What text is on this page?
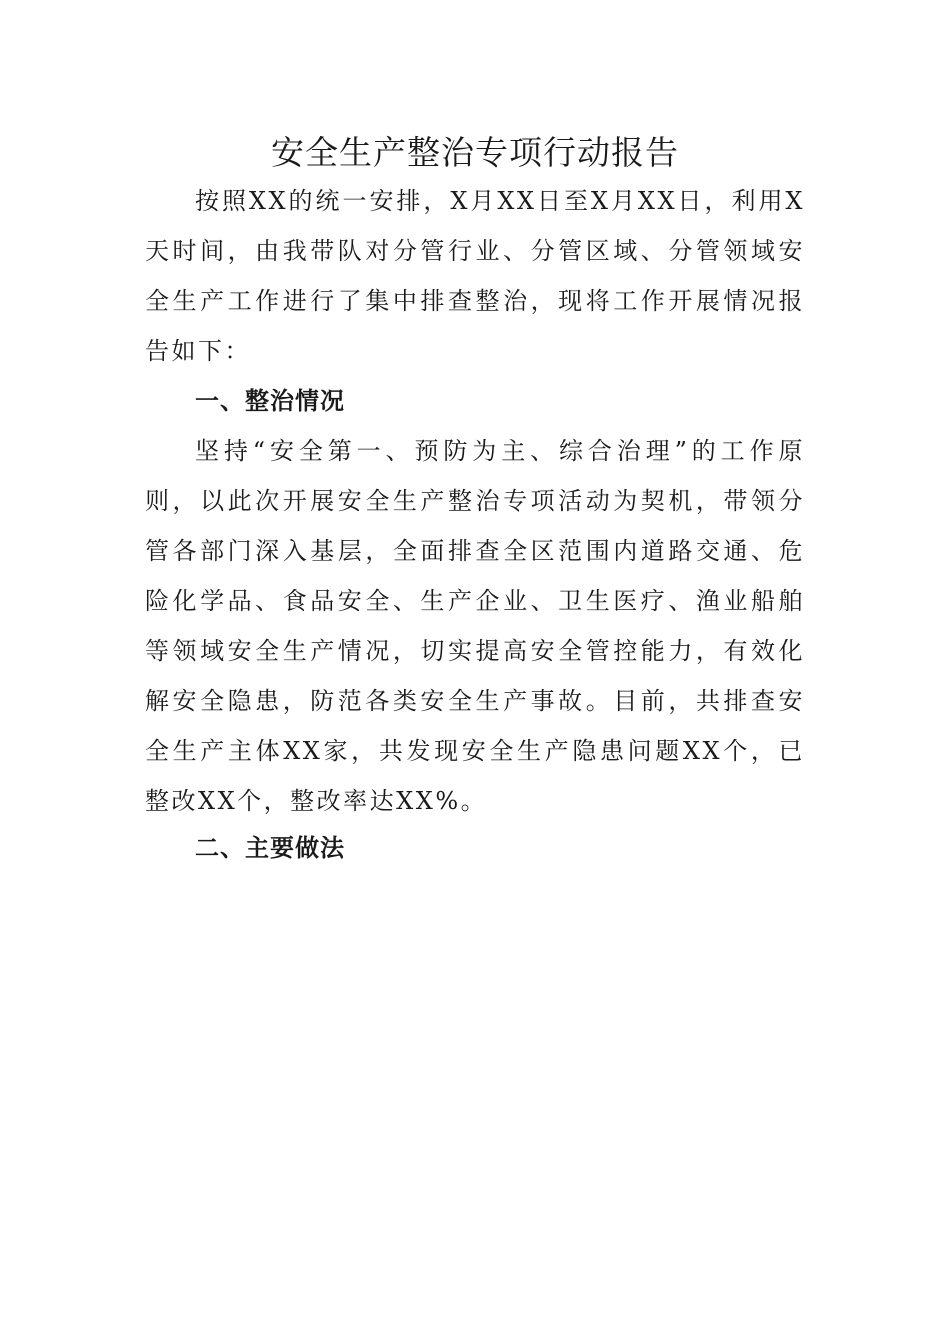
安全生产整治专项行动报告

按照XX的统一安排，X月XX日至X月XX日，利用X天时间，由我带队对分管行业、分管区域、分管领域安全生产工作进行了集中排查整治，现将工作开展情况报告如下：

一、整治情况

坚持“安全第一、预防为主、综合治理”的工作原则，以此次开展安全生产整治专项活动为契机，带领分管各部门深入基层，全面排查全区范围内道路交通、危险化学品、食品安全、生产企业、卫生医疗、渔业船舶等领域安全生产情况，切实提高安全管控能力，有效化解安全隐患，防范各类安全生产事故。目前，共排查安全生产主体XX家，共发现安全生产隐患问题XX个，已整改XX个，整改率达XX%。

二、主要做法
